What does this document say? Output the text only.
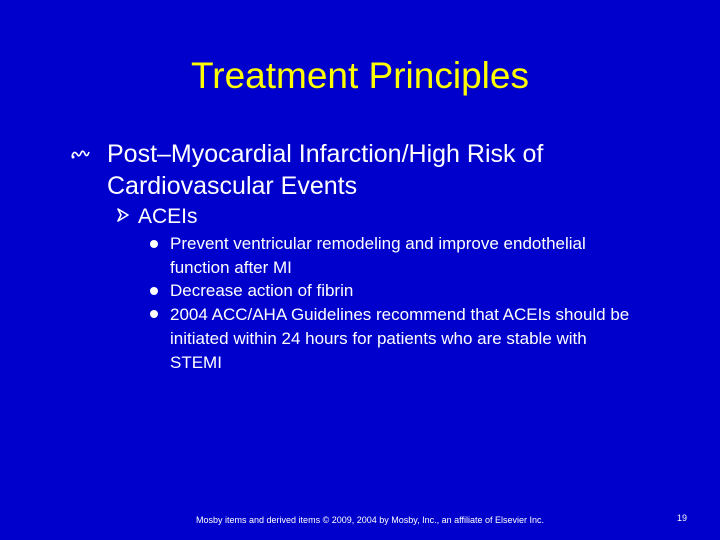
Treatment Principles
Post–Myocardial Infarction/High Risk of Cardiovascular Events
ACEIs
Prevent ventricular remodeling and improve endothelial function after MI
Decrease action of fibrin
2004 ACC/AHA Guidelines recommend that ACEIs should be initiated within 24 hours for patients who are stable with STEMI
Mosby items and derived items © 2009, 2004 by Mosby, Inc., an affiliate of Elsevier Inc.	19
